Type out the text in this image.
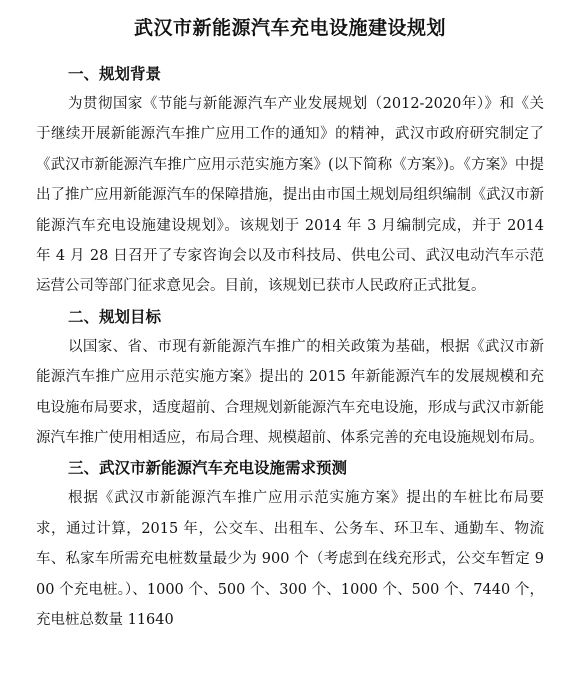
武汉市新能源汽车充电设施建设规划
一、规划背景

为贯彻国家《节能与新能源汽车产业发展规划（2012-2020年）》和《关于继续开展新能源汽车推广应用工作的通知》的精神，武汉市政府研究制定了《武汉市新能源汽车推广应用示范实施方案》(以下简称《方案》)。《方案》中提出了推广应用新能源汽车的保障措施，提出由市国土规划局组织编制《武汉市新能源汽车充电设施建设规划》。该规划于 2014 年 3 月编制完成，并于 2014 年 4 月 28 日召开了专家咨询会以及市科技局、供电公司、武汉电动汽车示范运营公司等部门征求意见会。目前，该规划已获市人民政府正式批复。

二、规划目标

以国家、省、市现有新能源汽车推广的相关政策为基础，根据《武汉市新能源汽车推广应用示范实施方案》提出的 2015 年新能源汽车的发展规模和充电设施布局要求，适度超前、合理规划新能源汽车充电设施，形成与武汉市新能源汽车推广使用相适应，布局合理、规模超前、体系完善的充电设施规划布局。

三、武汉市新能源汽车充电设施需求预测

根据《武汉市新能源汽车推广应用示范实施方案》提出的车桩比布局要求，通过计算，2015 年，公交车、出租车、公务车、环卫车、通勤车、物流车、私家车所需充电桩数量最少为 900 个（考虑到在线充形式，公交车暂定 900 个充电桩。）、1000 个、500 个、300 个、1000 个、500 个、7440 个，充电桩总数量 11640
